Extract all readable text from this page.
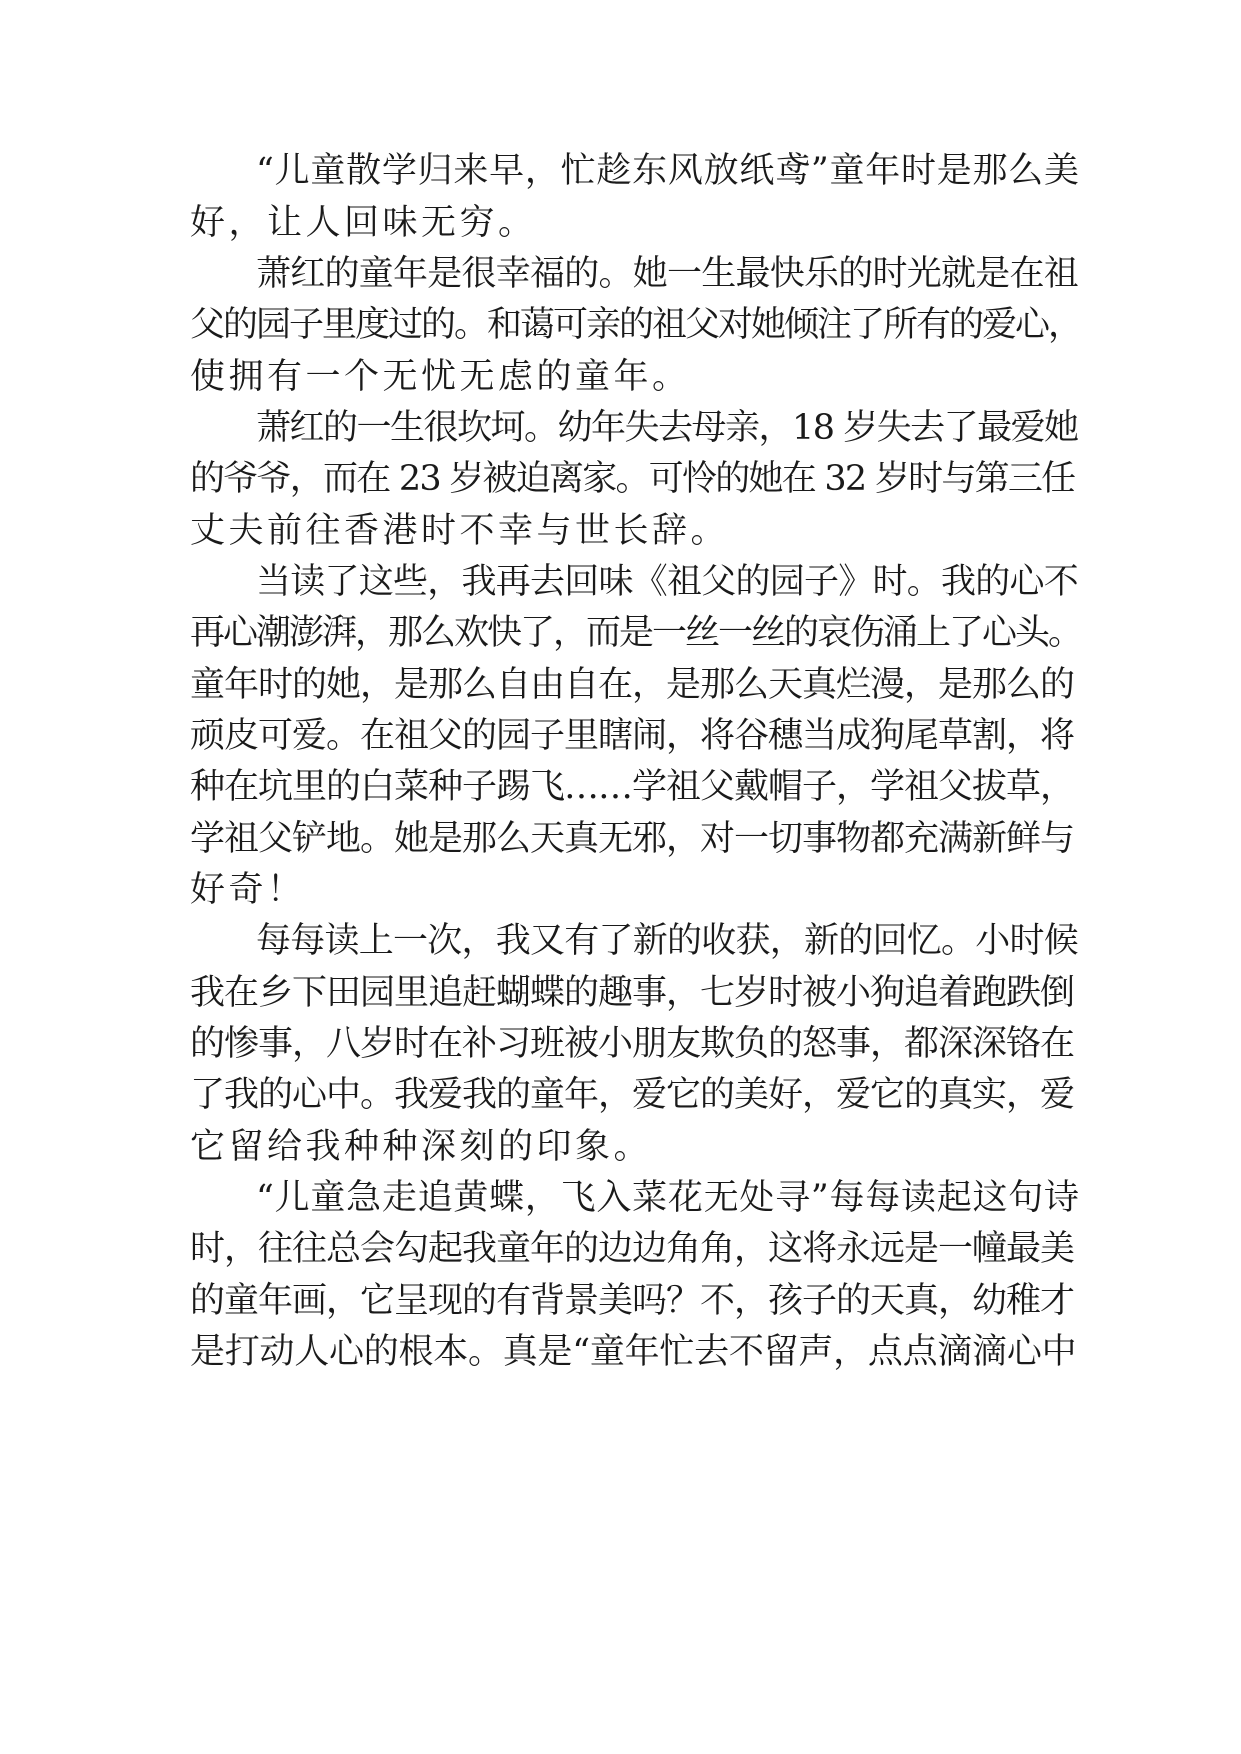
“儿童散学归来早，忙趁东风放纸鸢”童年时是那么美
好，让人回味无穷。
萧红的童年是很幸福的。她一生最快乐的时光就是在祖
父的园子里度过的。和蔼可亲的祖父对她倾注了所有的爱心，
使拥有一个无忧无虑的童年。
萧红的一生很坎坷。幼年失去母亲，18 岁失去了最爱她
的爷爷，而在 23 岁被迫离家。可怜的她在 32 岁时与第三任
丈夫前往香港时不幸与世长辞。
当读了这些，我再去回味《祖父的园子》时。我的心不
再心潮澎湃，那么欢快了，而是一丝一丝的哀伤涌上了心头。
童年时的她，是那么自由自在，是那么天真烂漫，是那么的
顽皮可爱。在祖父的园子里瞎闹，将谷穗当成狗尾草割，将
种在坑里的白菜种子踢飞……学祖父戴帽子，学祖父拔草，
学祖父铲地。她是那么天真无邪，对一切事物都充满新鲜与
好奇！
每每读上一次，我又有了新的收获，新的回忆。小时候
我在乡下田园里追赶蝴蝶的趣事，七岁时被小狗追着跑跌倒
的惨事，八岁时在补习班被小朋友欺负的怒事，都深深铬在
了我的心中。我爱我的童年，爱它的美好，爱它的真实，爱
它留给我种种深刻的印象。
“儿童急走追黄蝶，飞入菜花无处寻”每每读起这句诗
时，往往总会勾起我童年的边边角角，这将永远是一幢最美
的童年画，它呈现的有背景美吗？不，孩子的天真，幼稚才
是打动人心的根本。真是“童年忙去不留声，点点滴滴心中
